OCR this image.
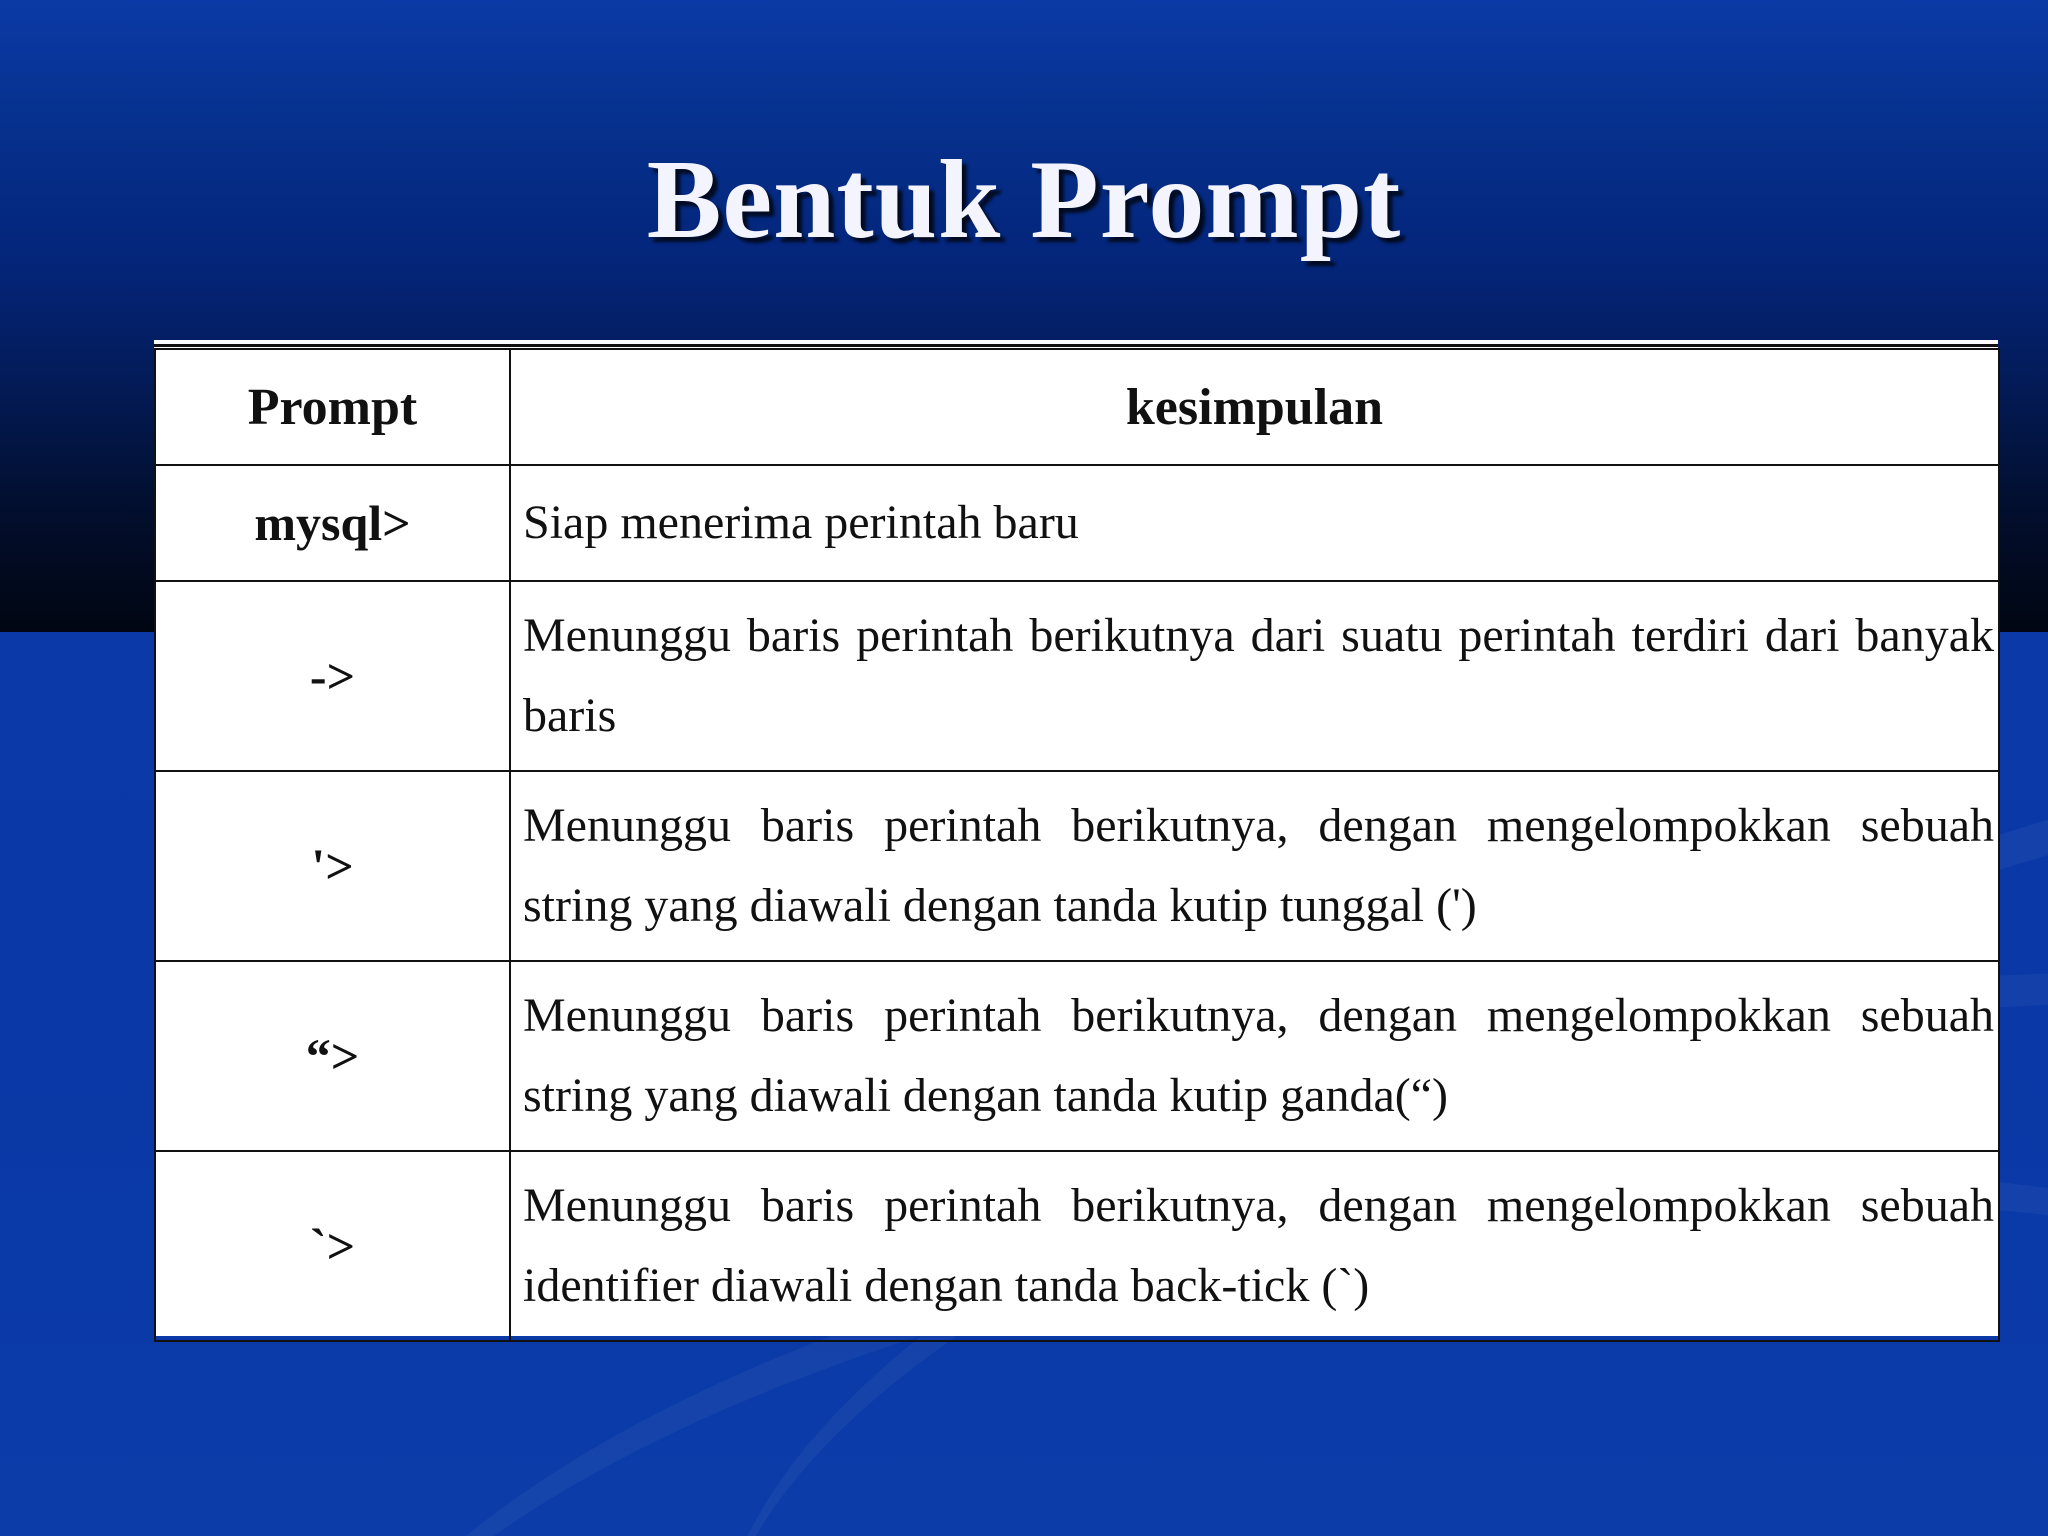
Bentuk Prompt
Prompt	kesimpulan
mysql>	Siap menerima perintah baru
->	Menunggu baris perintah berikutnya dari suatu perintah terdiri dari banyak baris
'>	Menunggu baris perintah berikutnya, dengan mengelompokkan sebuah string yang diawali dengan tanda kutip tunggal (')
“>	Menunggu baris perintah berikutnya, dengan mengelompokkan sebuah string yang diawali dengan tanda kutip ganda(“)
`>	Menunggu baris perintah berikutnya, dengan mengelompokkan sebuah identifier diawali dengan tanda back-tick (`)
